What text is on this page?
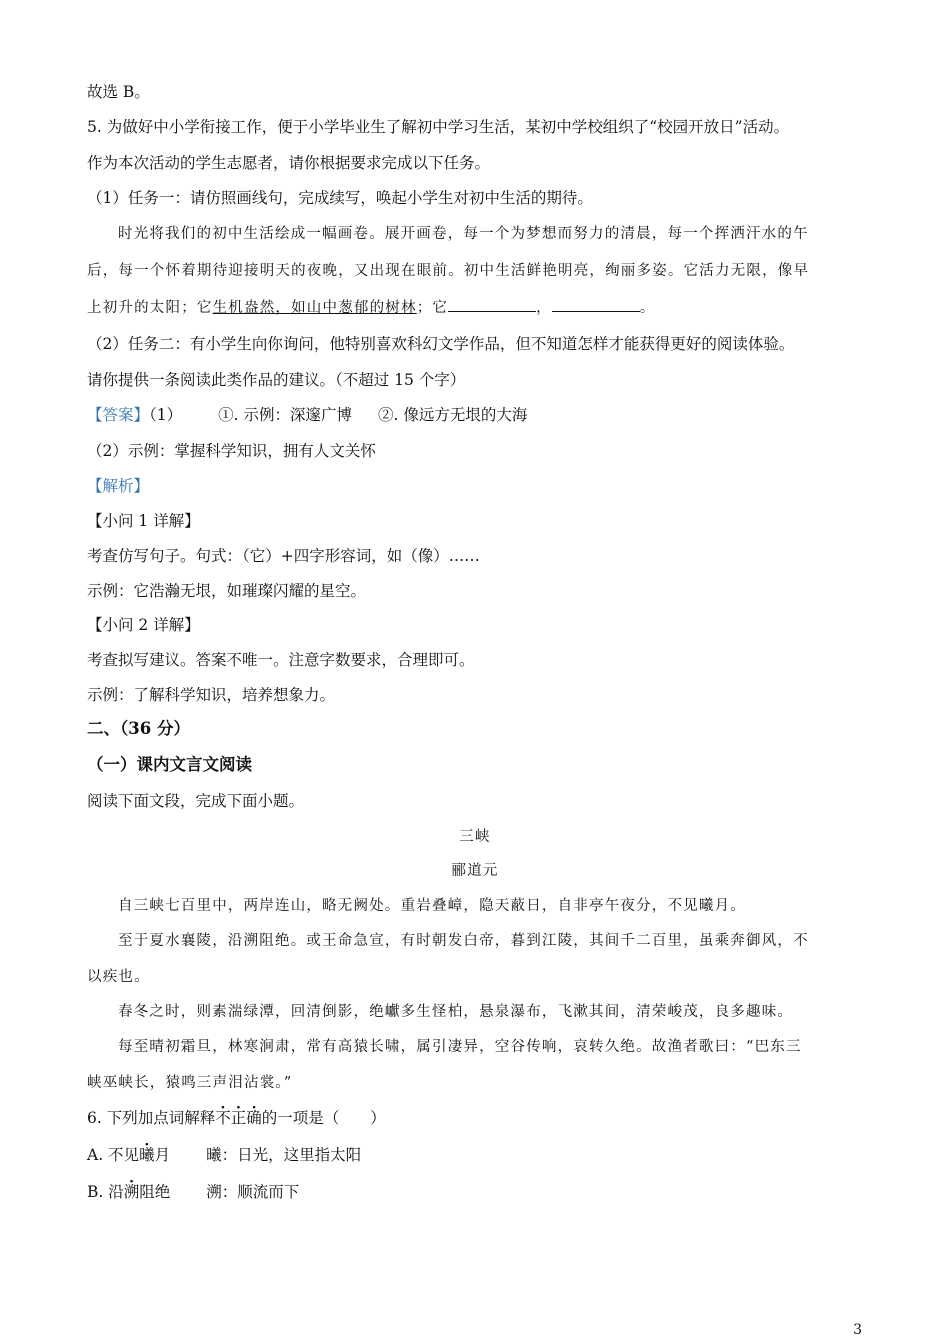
故选 B。
5. 为做好中小学衔接工作，便于小学毕业生了解初中学习生活，某初中学校组织了“校园开放日”活动。
作为本次活动的学生志愿者，请你根据要求完成以下任务。
（1）任务一：请仿照画线句，完成续写，唤起小学生对初中生活的期待。
时光将我们的初中生活绘成一幅画卷。展开画卷，每一个为梦想而努力的清晨，每一个挥洒汗水的午
后，每一个怀着期待迎接明天的夜晚，又出现在眼前。初中生活鲜艳明亮，绚丽多姿。它活力无限，像早
上初升的太阳；它生机盎然，如山中葱郁的树林；它	，	。
（2）任务二：有小学生向你询问，他特别喜欢科幻文学作品，但不知道怎样才能获得更好的阅读体验。
请你提供一条阅读此类作品的建议。（不超过 15 个字）
【答案】（1） ①. 示例：深邃广博 ②. 像远方无垠的大海
（2）示例：掌握科学知识，拥有人文关怀
【解析】
【小问 1 详解】
考查仿写句子。句式：（它）+四字形容词，如（像）……
示例：它浩瀚无垠，如璀璨闪耀的星空。
【小问 2 详解】
考查拟写建议。答案不唯一。注意字数要求，合理即可。
示例：了解科学知识，培养想象力。
二、（36 分）
（一）课内文言文阅读
阅读下面文段，完成下面小题。
三峡
郦道元
自三峡七百里中，两岸连山，略无阙处。重岩叠嶂，隐天蔽日，自非亭午夜分，不见曦月。
至于夏水襄陵，沿溯阻绝。或王命急宣，有时朝发白帝，暮到江陵，其间千二百里，虽乘奔御风，不
以疾也。
春冬之时，则素湍绿潭，回清倒影，绝巘多生怪柏，悬泉瀑布，飞漱其间，清荣峻茂，良多趣味。
每至晴初霜旦，林寒涧肃，常有高猿长啸，属引凄异，空谷传响，哀转久绝。故渔者歌曰：“巴东三
峡巫峡长，猿鸣三声泪沾裳。”
6. 下列加点词解释不正确的一项是（　　）
A. 不见曦月 曦：日光，这里指太阳
B. 沿溯阻绝 溯：顺流而下
3
